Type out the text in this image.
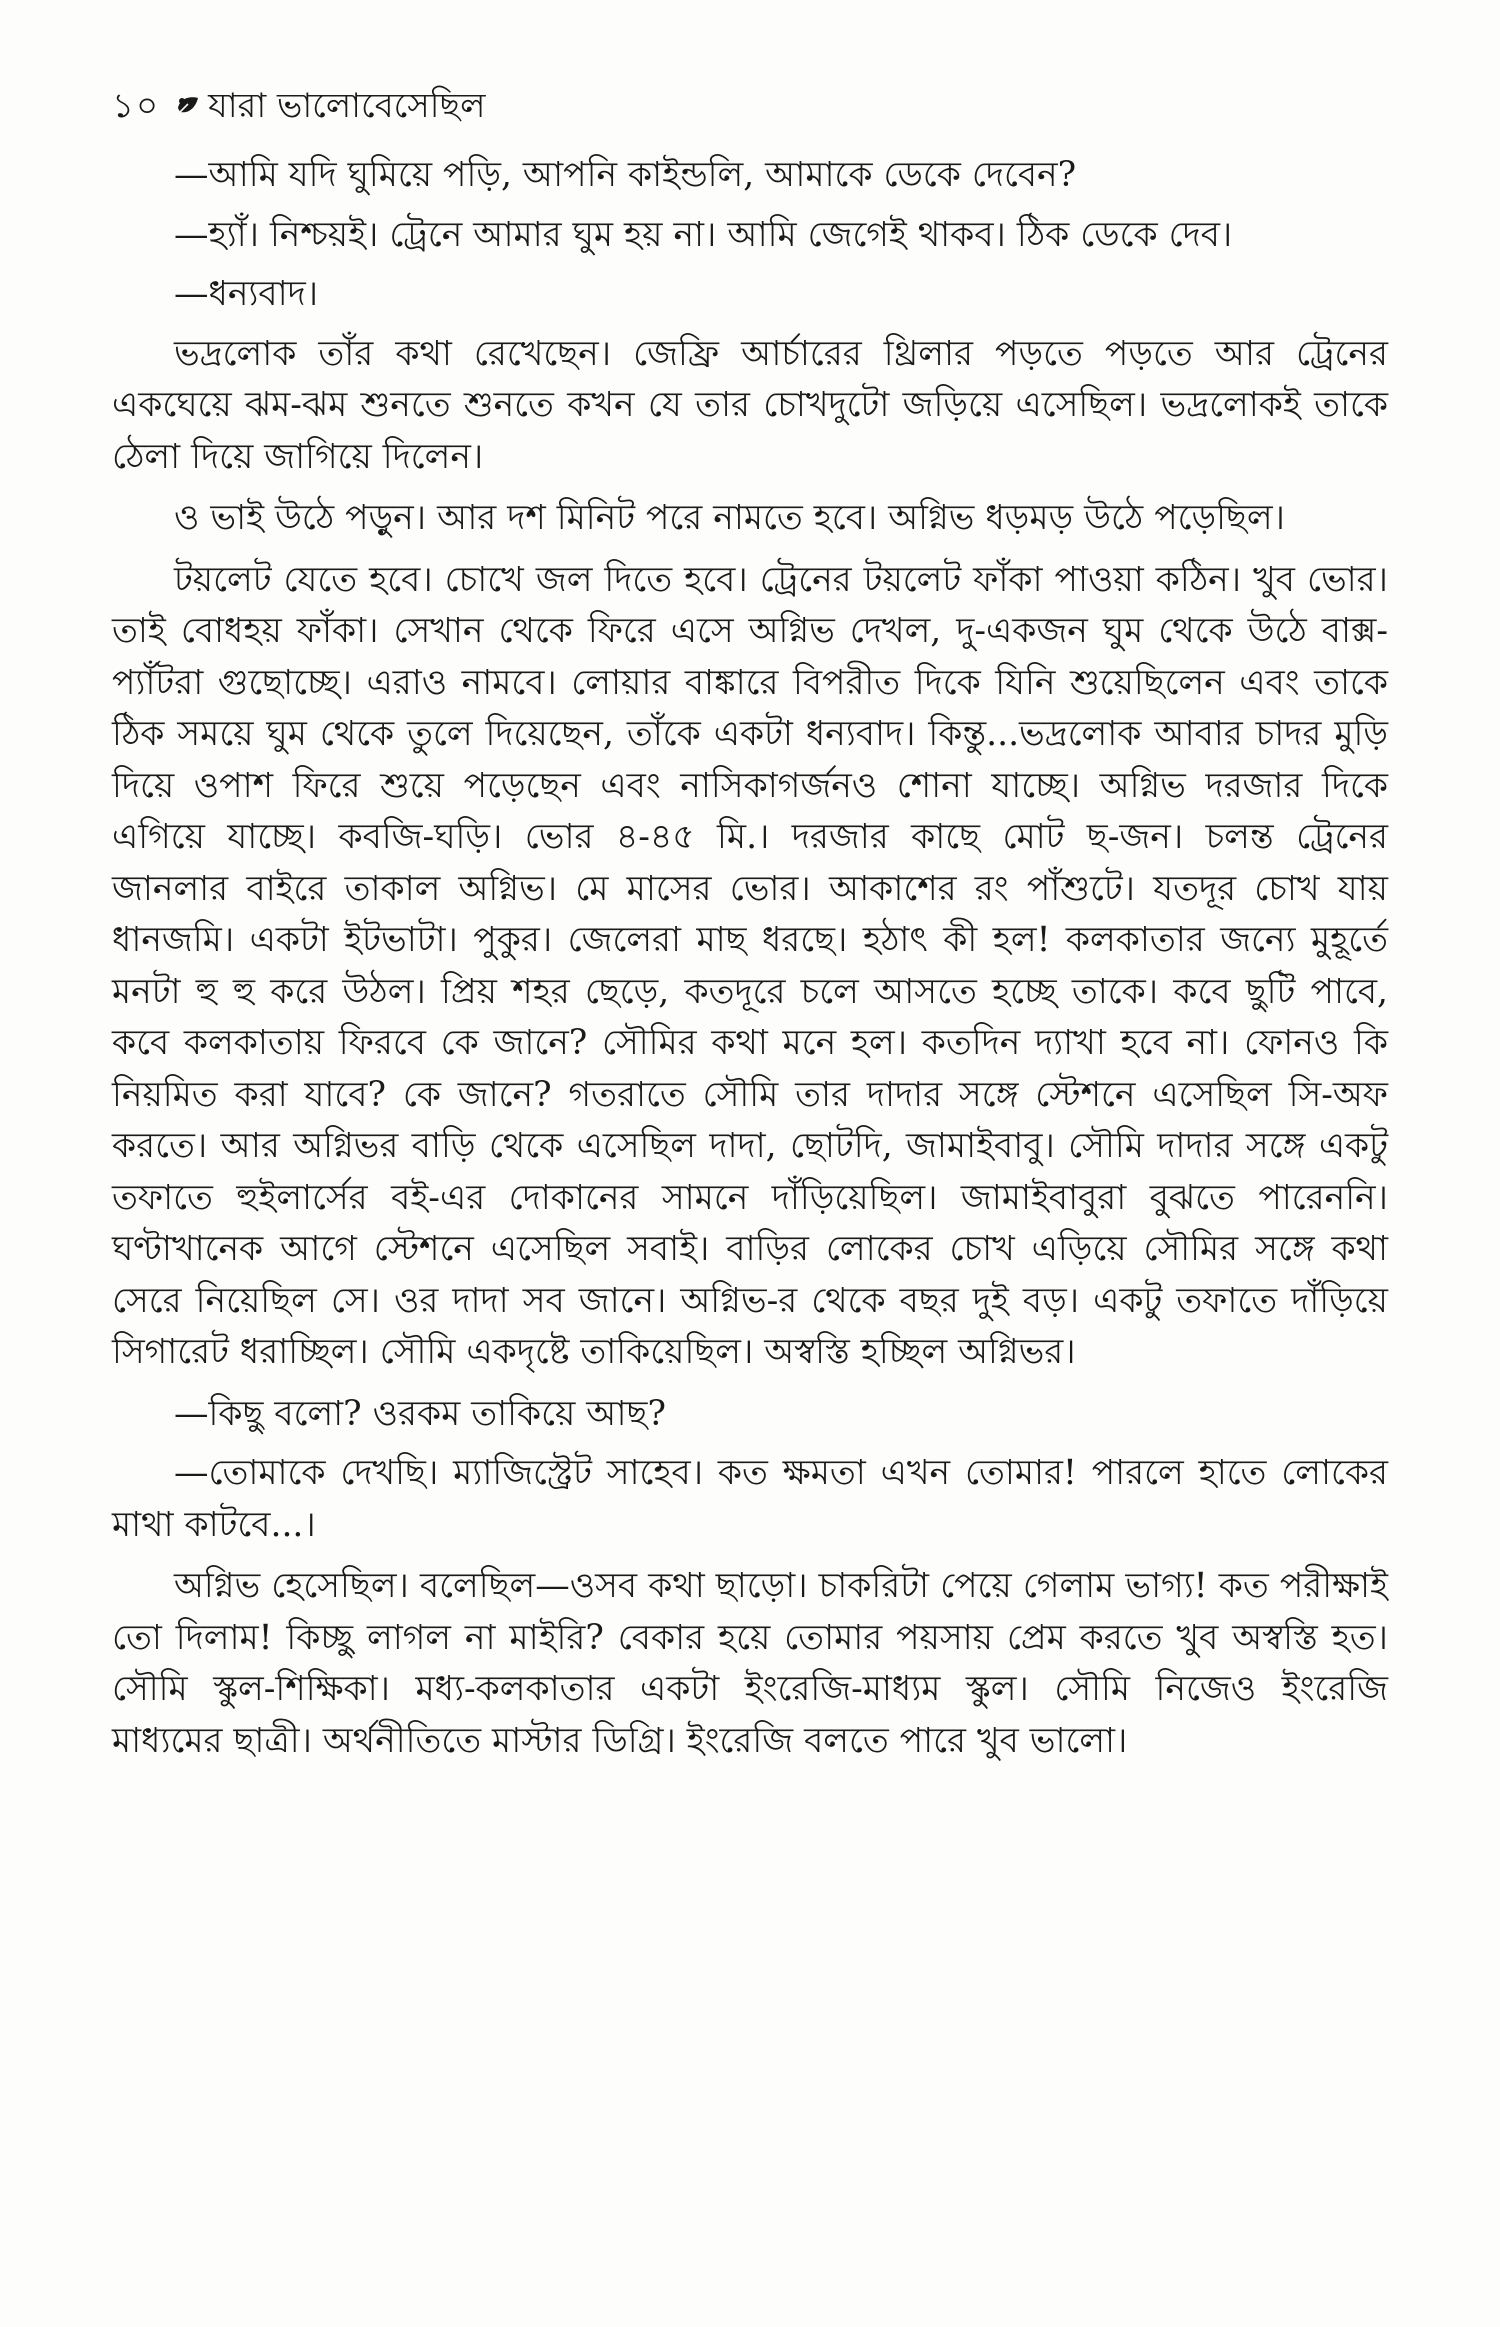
১০ যারা ভালোবেসেছিল

—আমি যদি ঘুমিয়ে পড়ি, আপনি কাইন্ডলি, আমাকে ডেকে দেবেন?

—হ্যাঁ। নিশ্চয়ই। ট্রেনে আমার ঘুম হয় না। আমি জেগেই থাকব। ঠিক ডেকে দেব।

—ধন্যবাদ।

ভদ্রলোক তাঁর কথা রেখেছেন। জেফ্রি আর্চারের থ্রিলার পড়তে পড়তে আর ট্রেনের একঘেয়ে ঝম-ঝম শুনতে শুনতে কখন যে তার চোখদুটো জড়িয়ে এসেছিল। ভদ্রলোকই তাকে ঠেলা দিয়ে জাগিয়ে দিলেন।

ও ভাই উঠে পড়ুন। আর দশ মিনিট পরে নামতে হবে। অগ্নিভ ধড়মড় উঠে পড়েছিল।

টয়লেট যেতে হবে। চোখে জল দিতে হবে। ট্রেনের টয়লেট ফাঁকা পাওয়া কঠিন। খুব ভোর। তাই বোধহয় ফাঁকা। সেখান থেকে ফিরে এসে অগ্নিভ দেখল, দু-একজন ঘুম থেকে উঠে বাক্স-প্যাঁটরা গুছোচ্ছে। এরাও নামবে। লোয়ার বাঙ্কারে বিপরীত দিকে যিনি শুয়েছিলেন এবং তাকে ঠিক সময়ে ঘুম থেকে তুলে দিয়েছেন, তাঁকে একটা ধন্যবাদ। কিন্তু...ভদ্রলোক আবার চাদর মুড়ি দিয়ে ওপাশ ফিরে শুয়ে পড়েছেন এবং নাসিকাগর্জনও শোনা যাচ্ছে। অগ্নিভ দরজার দিকে এগিয়ে যাচ্ছে। কবজি-ঘড়ি। ভোর ৪-৪৫ মি.। দরজার কাছে মোট ছ-জন। চলন্ত ট্রেনের জানলার বাইরে তাকাল অগ্নিভ। মে মাসের ভোর। আকাশের রং পাঁশুটে। যতদূর চোখ যায় ধানজমি। একটা ইটভাটা। পুকুর। জেলেরা মাছ ধরছে। হঠাৎ কী হল! কলকাতার জন্যে মুহূর্তে মনটা হু হু করে উঠল। প্রিয় শহর ছেড়ে, কতদূরে চলে আসতে হচ্ছে তাকে। কবে ছুটি পাবে, কবে কলকাতায় ফিরবে কে জানে? সৌমির কথা মনে হল। কতদিন দ্যাখা হবে না। ফোনও কি নিয়মিত করা যাবে? কে জানে? গতরাতে সৌমি তার দাদার সঙ্গে স্টেশনে এসেছিল সি-অফ করতে। আর অগ্নিভর বাড়ি থেকে এসেছিল দাদা, ছোটদি, জামাইবাবু। সৌমি দাদার সঙ্গে একটু তফাতে হুইলার্সের বই-এর দোকানের সামনে দাঁড়িয়েছিল। জামাইবাবুরা বুঝতে পারেননি। ঘণ্টাখানেক আগে স্টেশনে এসেছিল সবাই। বাড়ির লোকের চোখ এড়িয়ে সৌমির সঙ্গে কথা সেরে নিয়েছিল সে। ওর দাদা সব জানে। অগ্নিভ-র থেকে বছর দুই বড়। একটু তফাতে দাঁড়িয়ে সিগারেট ধরাচ্ছিল। সৌমি একদৃষ্টে তাকিয়েছিল। অস্বস্তি হচ্ছিল অগ্নিভর।

—কিছু বলো? ওরকম তাকিয়ে আছ?

—তোমাকে দেখছি। ম্যাজিস্ট্রেট সাহেব। কত ক্ষমতা এখন তোমার! পারলে হাতে লোকের মাথা কাটবে...।

অগ্নিভ হেসেছিল। বলেছিল—ওসব কথা ছাড়ো। চাকরিটা পেয়ে গেলাম ভাগ্য! কত পরীক্ষাই তো দিলাম! কিচ্ছু লাগল না মাইরি? বেকার হয়ে তোমার পয়সায় প্রেম করতে খুব অস্বস্তি হত। সৌমি স্কুল-শিক্ষিকা। মধ্য-কলকাতার একটা ইংরেজি-মাধ্যম স্কুল। সৌমি নিজেও ইংরেজি মাধ্যমের ছাত্রী। অর্থনীতিতে মাস্টার ডিগ্রি। ইংরেজি বলতে পারে খুব ভালো।
